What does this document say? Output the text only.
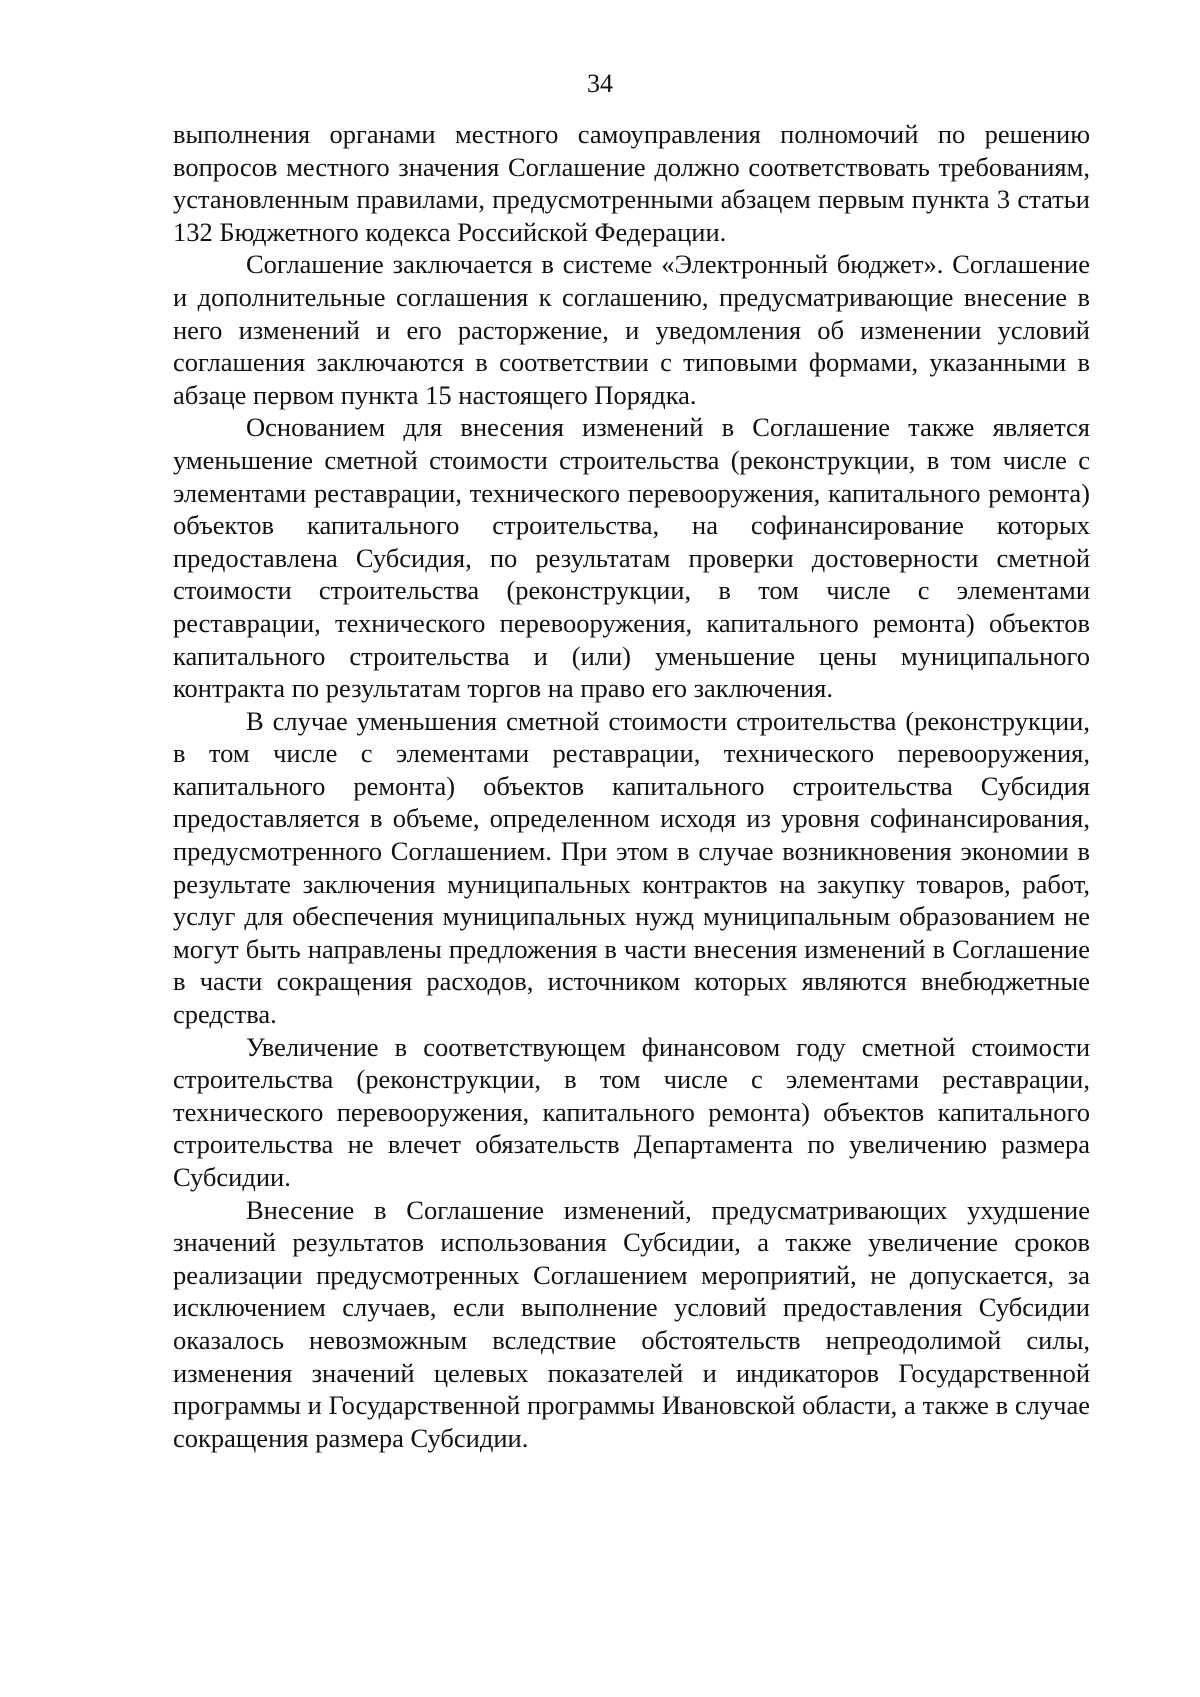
34

выполнения органами местного самоуправления полномочий по решению вопросов местного значения Соглашение должно соответствовать требованиям, установленным правилами, предусмотренными абзацем первым пункта 3 статьи 132 Бюджетного кодекса Российской Федерации.

Соглашение заключается в системе «Электронный бюджет». Соглашение и дополнительные соглашения к соглашению, предусматривающие внесение в него изменений и его расторжение, и уведомления об изменении условий соглашения заключаются в соответствии с типовыми формами, указанными в абзаце первом пункта 15 настоящего Порядка.

Основанием для внесения изменений в Соглашение также является уменьшение сметной стоимости строительства (реконструкции, в том числе с элементами реставрации, технического перевооружения, капитального ремонта) объектов капитального строительства, на софинансирование которых предоставлена Субсидия, по результатам проверки достоверности сметной стоимости строительства (реконструкции, в том числе с элементами реставрации, технического перевооружения, капитального ремонта) объектов капитального строительства и (или) уменьшение цены муниципального контракта по результатам торгов на право его заключения.

В случае уменьшения сметной стоимости строительства (реконструкции, в том числе с элементами реставрации, технического перевооружения, капитального ремонта) объектов капитального строительства Субсидия предоставляется в объеме, определенном исходя из уровня софинансирования, предусмотренного Соглашением. При этом в случае возникновения экономии в результате заключения муниципальных контрактов на закупку товаров, работ, услуг для обеспечения муниципальных нужд муниципальным образованием не могут быть направлены предложения в части внесения изменений в Соглашение в части сокращения расходов, источником которых являются внебюджетные средства.

Увеличение в соответствующем финансовом году сметной стоимости строительства (реконструкции, в том числе с элементами реставрации, технического перевооружения, капитального ремонта) объектов капитального строительства не влечет обязательств Департамента по увеличению размера Субсидии.

Внесение в Соглашение изменений, предусматривающих ухудшение значений результатов использования Субсидии, а также увеличение сроков реализации предусмотренных Соглашением мероприятий, не допускается, за исключением случаев, если выполнение условий предоставления Субсидии оказалось невозможным вследствие обстоятельств непреодолимой силы, изменения значений целевых показателей и индикаторов Государственной программы и Государственной программы Ивановской области, а также в случае сокращения размера Субсидии.
